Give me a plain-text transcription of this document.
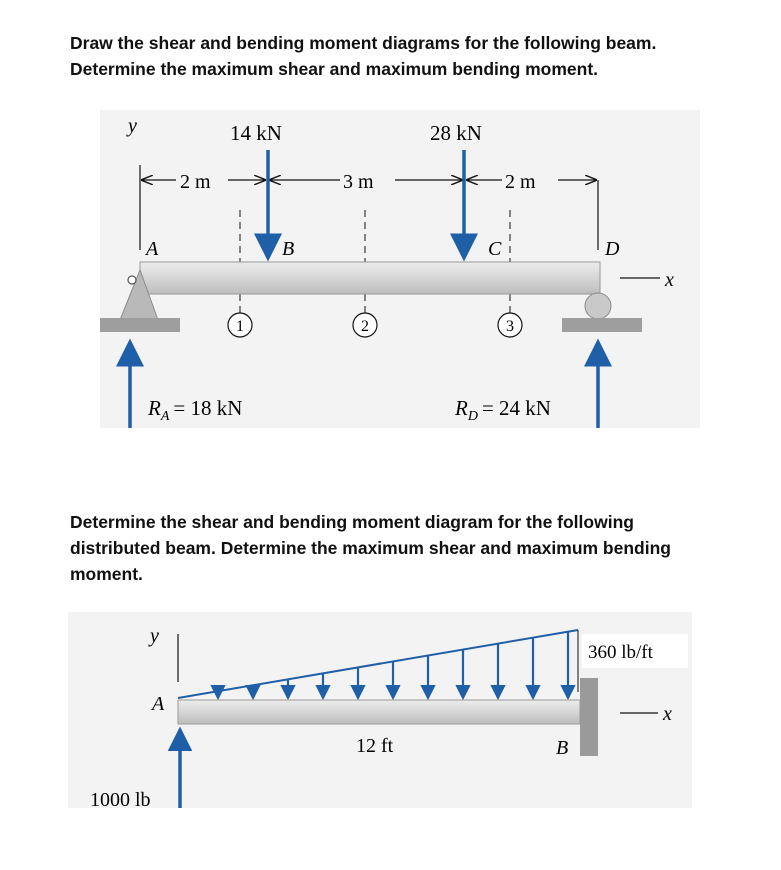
Draw the shear and bending moment diagrams for the following beam. Determine the maximum shear and maximum bending moment.

y	14 kN	28 kN
2 m	3 m	2 m
A	B	C	D
x
1	2	3
$R_A = 18$ kN	$R_D = 24$ kN

Determine the shear and bending moment diagram for the following distributed beam. Determine the maximum shear and maximum bending moment.

y
360 lb/ft
A	x
12 ft	B
1000 lb
